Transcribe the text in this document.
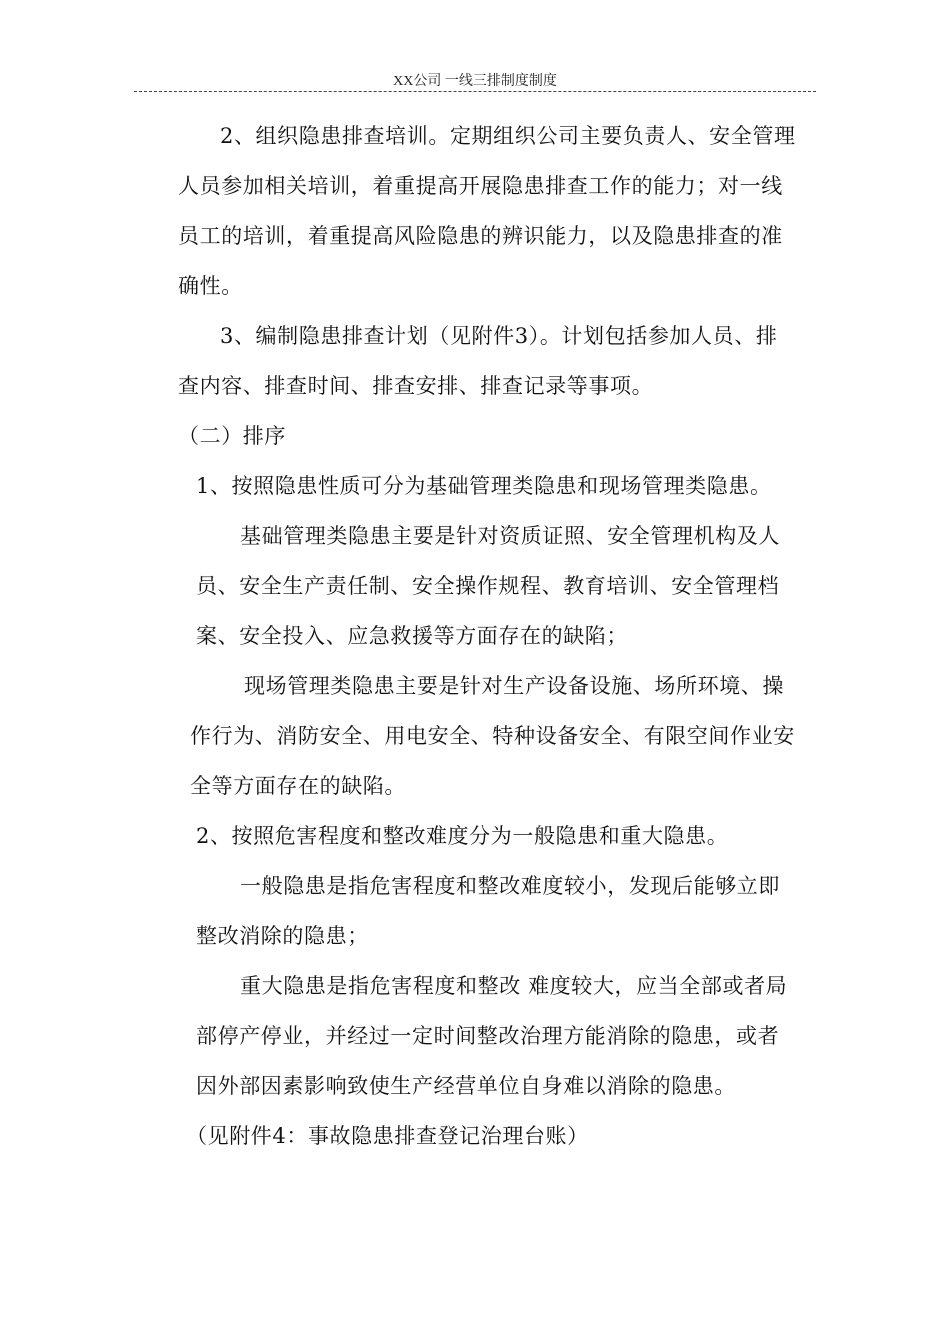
XX公司 一线三排制度制度
2、组织隐患排查培训。定期组织公司主要负责人、安全管理
人员参加相关培训，着重提高开展隐患排查工作的能力；对一线
员工的培训，着重提高风险隐患的辨识能力，以及隐患排查的准
确性。
3、编制隐患排查计划（见附件3）。计划包括参加人员、排
查内容、排查时间、排查安排、排查记录等事项。
（二）排序
1、按照隐患性质可分为基础管理类隐患和现场管理类隐患。
基础管理类隐患主要是针对资质证照、安全管理机构及人
员、安全生产责任制、安全操作规程、教育培训、安全管理档
案、安全投入、应急救援等方面存在的缺陷；
现场管理类隐患主要是针对生产设备设施、场所环境、操
作行为、消防安全、用电安全、特种设备安全、有限空间作业安
全等方面存在的缺陷。
2、按照危害程度和整改难度分为一般隐患和重大隐患。
一般隐患是指危害程度和整改难度较小，发现后能够立即
整改消除的隐患；
重大隐患是指危害程度和整改 难度较大，应当全部或者局
部停产停业，并经过一定时间整改治理方能消除的隐患，或者
因外部因素影响致使生产经营单位自身难以消除的隐患。
（见附件4：事故隐患排查登记治理台账）
